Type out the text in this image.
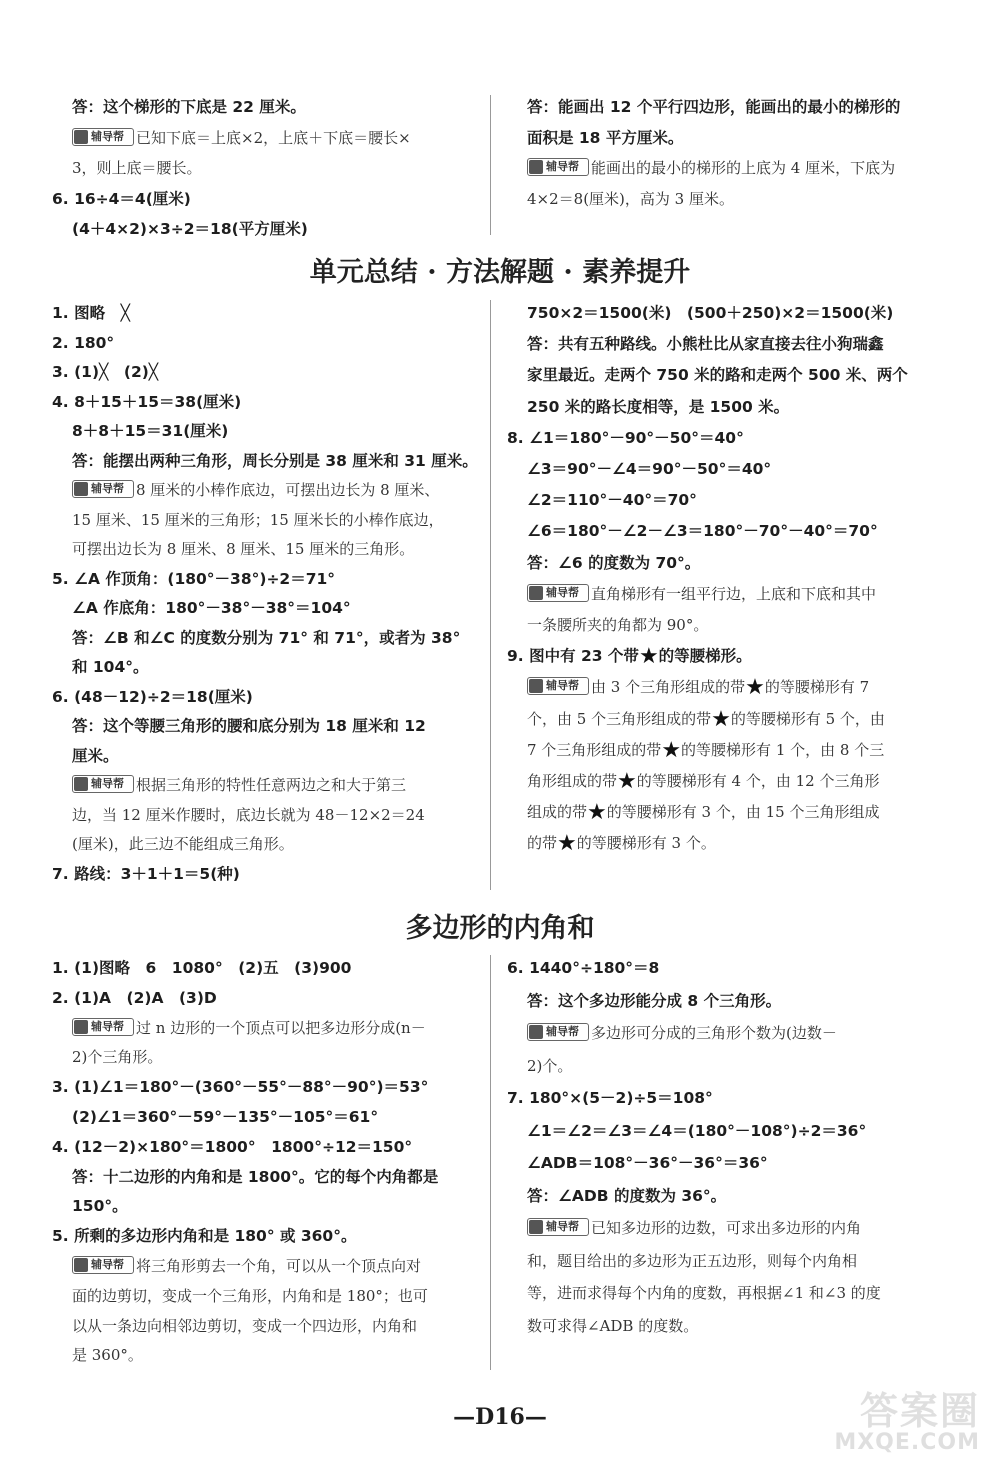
答：这个梯形的下底是 22 厘米。
辅导帮 已知下底＝上底×2，上底＋下底＝腰长×
3，则上底＝腰长。
6. 16÷4＝4(厘米)
(4＋4×2)×3÷2＝18(平方厘米)
答：能画出 12 个平行四边形，能画出的最小的梯形的
面积是 18 平方厘米。
辅导帮 能画出的最小的梯形的上底为 4 厘米，下底为
4×2＝8(厘米)，高为 3 厘米。
单元总结 · 方法解题 · 素养提升
1. 图略　╳
2. 180°
3. (1)╳　(2)╳
4. 8＋15＋15＝38(厘米)
8＋8＋15＝31(厘米)
答：能摆出两种三角形，周长分别是 38 厘米和 31 厘米。
辅导帮 8 厘米的小棒作底边，可摆出边长为 8 厘米、
15 厘米、15 厘米的三角形；15 厘米长的小棒作底边，
可摆出边长为 8 厘米、8 厘米、15 厘米的三角形。
5. ∠A 作顶角：(180°－38°)÷2＝71°
∠A 作底角：180°－38°－38°＝104°
答：∠B 和∠C 的度数分别为 71° 和 71°，或者为 38°
和 104°。
6. (48－12)÷2＝18(厘米)
答：这个等腰三角形的腰和底分别为 18 厘米和 12
厘米。
辅导帮 根据三角形的特性任意两边之和大于第三
边，当 12 厘米作腰时，底边长就为 48－12×2＝24
(厘米)，此三边不能组成三角形。
7. 路线：3＋1＋1＝5(种)
750×2＝1500(米)　(500＋250)×2＝1500(米)
答：共有五种路线。小熊杜比从家直接去往小狗瑞鑫
家里最近。走两个 750 米的路和走两个 500 米、两个
250 米的路长度相等，是 1500 米。
8. ∠1＝180°－90°－50°＝40°
∠3＝90°－∠4＝90°－50°＝40°
∠2＝110°－40°＝70°
∠6＝180°－∠2－∠3＝180°－70°－40°＝70°
答：∠6 的度数为 70°。
辅导帮 直角梯形有一组平行边，上底和下底和其中
一条腰所夹的角都为 90°。
9. 图中有 23 个带★的等腰梯形。
辅导帮 由 3 个三角形组成的带★的等腰梯形有 7
个，由 5 个三角形组成的带★的等腰梯形有 5 个，由
7 个三角形组成的带★的等腰梯形有 1 个，由 8 个三
角形组成的带★的等腰梯形有 4 个，由 12 个三角形
组成的带★的等腰梯形有 3 个，由 15 个三角形组成
的带★的等腰梯形有 3 个。
多边形的内角和
1. (1)图略　6　1080°　(2)五　(3)900
2. (1)A　(2)A　(3)D
辅导帮 过 n 边形的一个顶点可以把多边形分成(n－
2)个三角形。
3. (1)∠1＝180°－(360°－55°－88°－90°)＝53°
(2)∠1＝360°－59°－135°－105°＝61°
4. (12－2)×180°＝1800°　1800°÷12＝150°
答：十二边形的内角和是 1800°。它的每个内角都是
150°。
5. 所剩的多边形内角和是 180° 或 360°。
辅导帮 将三角形剪去一个角，可以从一个顶点向对
面的边剪切，变成一个三角形，内角和是 180°；也可
以从一条边向相邻边剪切，变成一个四边形，内角和
是 360°。
6. 1440°÷180°＝8
答：这个多边形能分成 8 个三角形。
辅导帮 多边形可分成的三角形个数为(边数－
2)个。
7. 180°×(5－2)÷5＝108°
∠1＝∠2＝∠3＝∠4＝(180°－108°)÷2＝36°
∠ADB＝108°－36°－36°＝36°
答：∠ADB 的度数为 36°。
辅导帮 已知多边形的边数，可求出多边形的内角
和，题目给出的多边形为正五边形，则每个内角相
等，进而求得每个内角的度数，再根据∠1 和∠3 的度
数可求得∠ADB 的度数。
—D16—	答案圈
MXQE.COM
